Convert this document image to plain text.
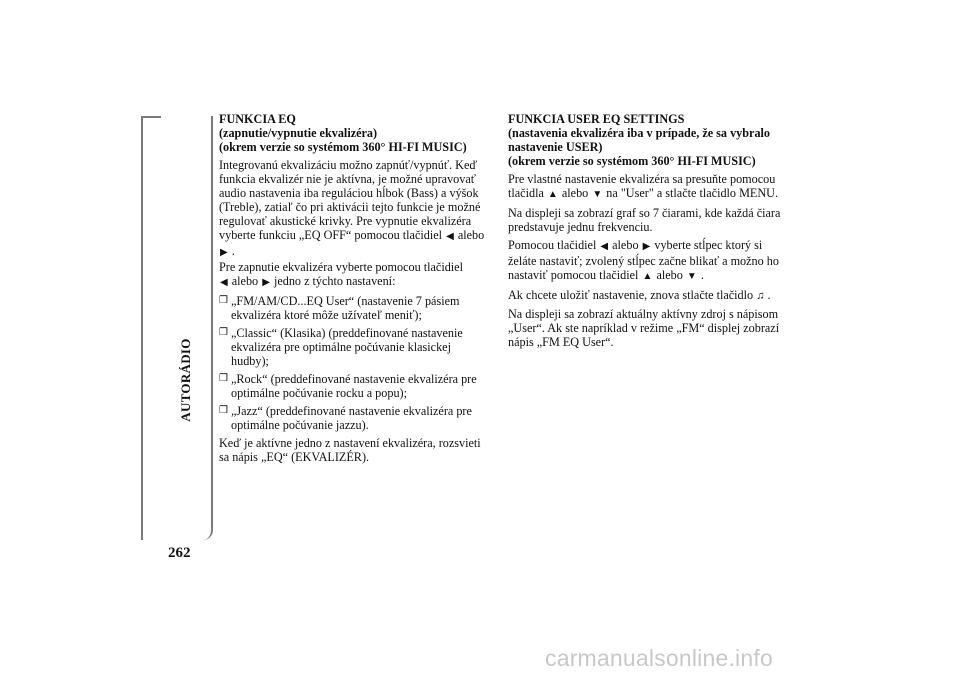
AUTORÁDIO
262
FUNKCIA EQ
(zapnutie/vypnutie ekvalizéra)
(okrem verzie so systémom 360° HI-FI MUSIC)

Integrovanú ekvalizáciu možno zapnúť/vypnúť. Keď funkcia ekvalizér nie je aktívna, je možné upravovať audio nastavenia iba reguláciou hĺbok (Bass) a výšok (Treble), zatiaľ čo pri aktivácii tejto funkcie je možné regulovať akustické krivky. Pre vypnutie ekvalizéra vyberte funkciu „EQ OFF“ pomocou tlačidiel ◀ alebo
▶ .
Pre zapnutie ekvalizéra vyberte pomocou tlačidiel
◀ alebo ▶ jedno z týchto nastavení:

❒ „FM/AM/CD...EQ User“ (nastavenie 7 pásiem ekvalizéra ktoré môže užívateľ meniť);
❒ „Classic“ (Klasika) (preddefinované nastavenie ekvalizéra pre optimálne počúvanie klasickej hudby);
❒ „Rock“ (preddefinované nastavenie ekvalizéra pre optimálne počúvanie rocku a popu);
❒ „Jazz“ (preddefinované nastavenie ekvalizéra pre optimálne počúvanie jazzu).

Keď je aktívne jedno z nastavení ekvalizéra, rozsvieti sa nápis „EQ“ (EKVALIZÉR).

FUNKCIA USER EQ SETTINGS
(nastavenia ekvalizéra iba v prípade, že sa vybralo nastavenie USER)
(okrem verzie so systémom 360° HI-FI MUSIC)

Pre vlastné nastavenie ekvalizéra sa presuňte pomocou tlačidla ▲ alebo ▼ na "User" a stlačte tlačidlo MENU.

Na displeji sa zobrazí graf so 7 čiarami, kde každá čiara predstavuje jednu frekvenciu.

Pomocou tlačidiel ◀ alebo ▶ vyberte stĺpec ktorý si želáte nastaviť; zvolený stĺpec začne blikať a možno ho nastaviť pomocou tlačidiel ▲ alebo ▼ .

Ak chcete uložiť nastavenie, znova stlačte tlačidlo ♫ .

Na displeji sa zobrazí aktuálny aktívny zdroj s nápisom „User“. Ak ste napríklad v režime „FM“ displej zobrazí nápis „FM EQ User“.

carmanualsonline.info
